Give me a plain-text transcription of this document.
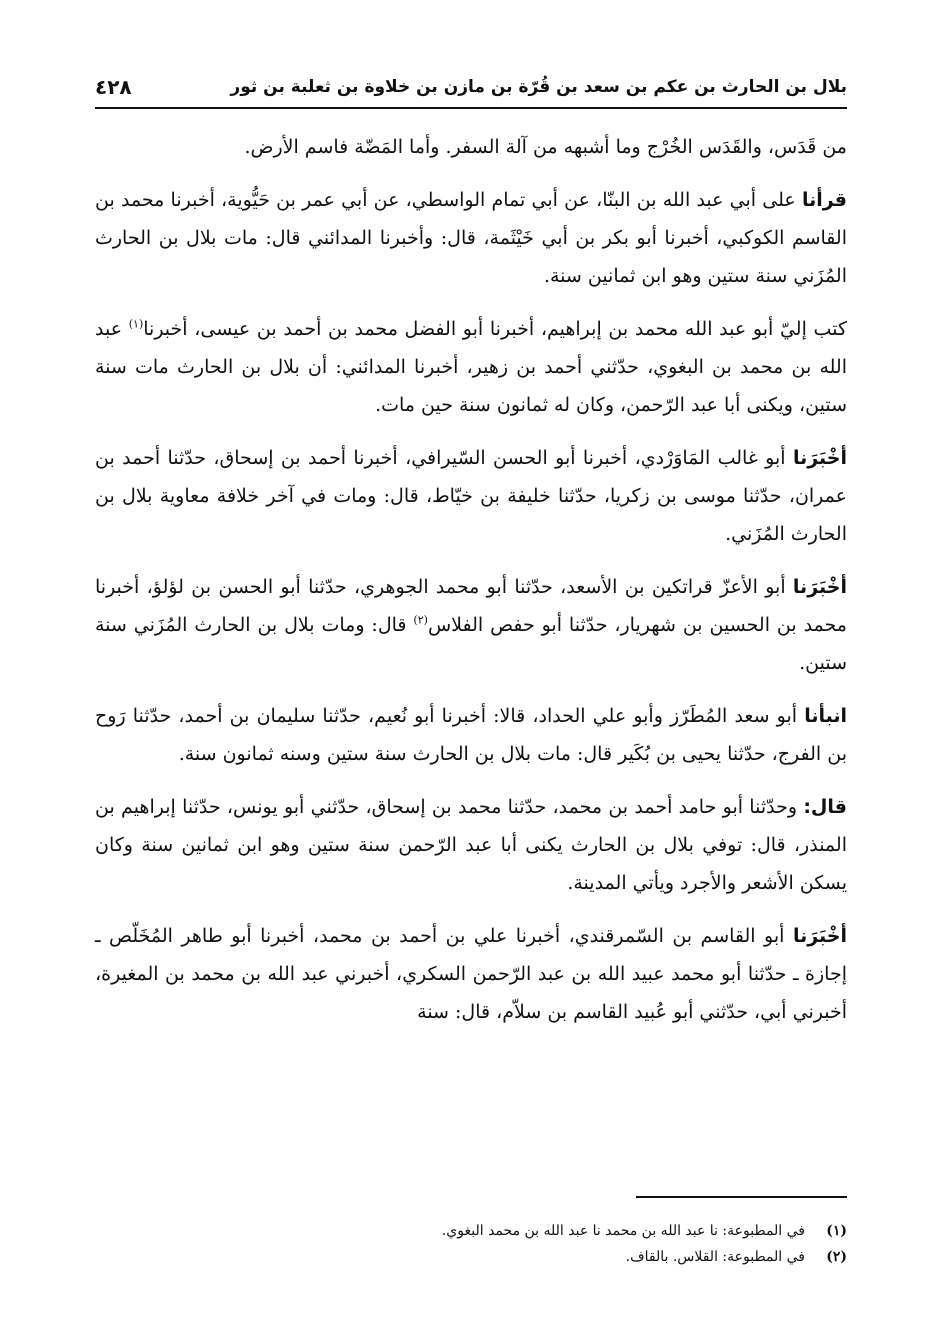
بلال بن الحارث بن عكم بن سعد بن قُرّة بن مازن بن خلاوة بن ثعلبة بن ثور
٤٢٨

من قَدَس، والقَدَس الخُرْج وما أشبهه من آلة السفر. وأما المَضّة فاسم الأرض.

قرأنا على أبي عبد الله بن البنّا، عن أبي تمام الواسطي، عن أبي عمر بن حَيُّوية، أخبرنا محمد بن القاسم الكوكبي، أخبرنا أبو بكر بن أبي خَيْثَمة، قال: وأخبرنا المدائني قال: مات بلال بن الحارث المُزَني سنة ستين وهو ابن ثمانين سنة.

كتب إليّ أبو عبد الله محمد بن إبراهيم، أخبرنا أبو الفضل محمد بن أحمد بن عيسى، أخبرنا$^{(١)}$ عبد الله بن محمد بن البغوي، حدّثني أحمد بن زهير، أخبرنا المدائني: أن بلال بن الحارث مات سنة ستين، ويكنى أبا عبد الرّحمن، وكان له ثمانون سنة حين مات.

أخْبَرَنا أبو غالب المَاوَرْدي، أخبرنا أبو الحسن السّيرافي، أخبرنا أحمد بن إسحاق، حدّثنا أحمد بن عمران، حدّثنا موسى بن زكريا، حدّثنا خليفة بن خيّاط، قال: ومات في آخر خلافة معاوية بلال بن الحارث المُزَني.

أخْبَرَنا أبو الأعزّ قراتكين بن الأسعد، حدّثنا أبو محمد الجوهري، حدّثنا أبو الحسن بن لؤلؤ، أخبرنا محمد بن الحسين بن شهريار، حدّثنا أبو حفص الفلاس$^{(٢)}$ قال: ومات بلال بن الحارث المُزَني سنة ستين.

انبأنا أبو سعد المُطَرّز وأبو علي الحداد، قالا: أخبرنا أبو نُعيم، حدّثنا سليمان بن أحمد، حدّثنا رَوح بن الفرج، حدّثنا يحيى بن بُكَير قال: مات بلال بن الحارث سنة ستين وسنه ثمانون سنة.

قال: وحدّثنا أبو حامد أحمد بن محمد، حدّثنا محمد بن إسحاق، حدّثني أبو يونس، حدّثنا إبراهيم بن المنذر، قال: توفي بلال بن الحارث يكنى أبا عبد الرّحمن سنة ستين وهو ابن ثمانين سنة وكان يسكن الأشعر والأجرد ويأتي المدينة.

أخْبَرَنا أبو القاسم بن السّمرقندي، أخبرنا علي بن أحمد بن محمد، أخبرنا أبو طاهر المُخَلّص ـ إجازة ـ حدّثنا أبو محمد عبيد الله بن عبد الرّحمن السكري، أخبرني عبد الله بن محمد بن المغيرة، أخبرني أبي، حدّثني أبو عُبيد القاسم بن سلاّم، قال: سنة

(١)
في المطبوعة: نا عبد الله بن محمد نا عبد الله بن محمد البغوي.
(٢)
في المطبوعة: القلاس. بالقاف.
